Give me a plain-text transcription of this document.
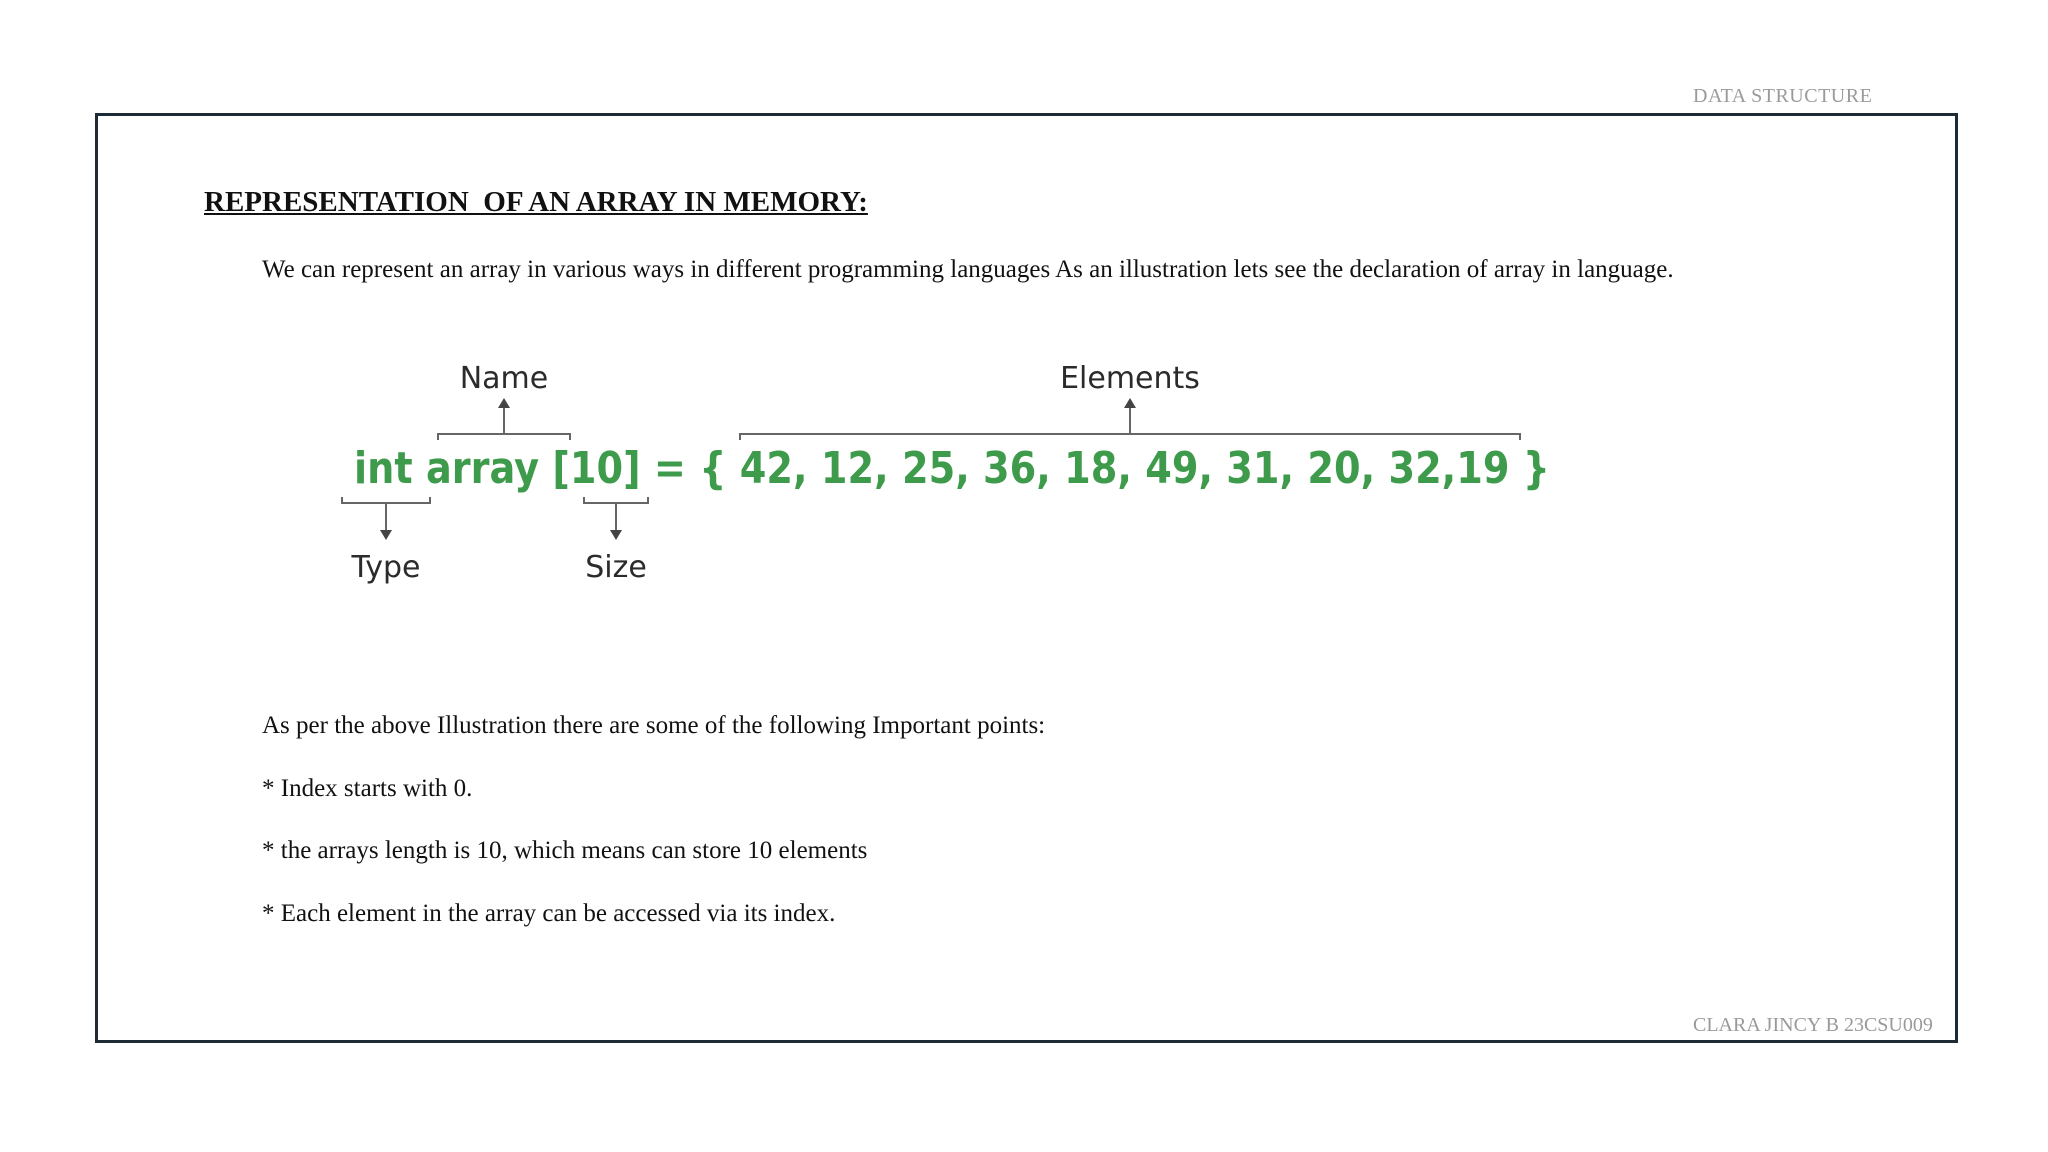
DATA STRUCTURE
REPRESENTATION  OF AN ARRAY IN MEMORY:
We can represent an array in various ways in different programming languages As an illustration lets see the declaration of array in language.
Name	Elements
Type	Size
int array [10] = { 42, 12, 25, 36, 18, 49, 31, 20, 32,19 }
As per the above Illustration there are some of the following Important points:
* Index starts with 0.
* the arrays length is 10, which means can store 10 elements
* Each element in the array can be accessed via its index.
CLARA JINCY B 23CSU009
